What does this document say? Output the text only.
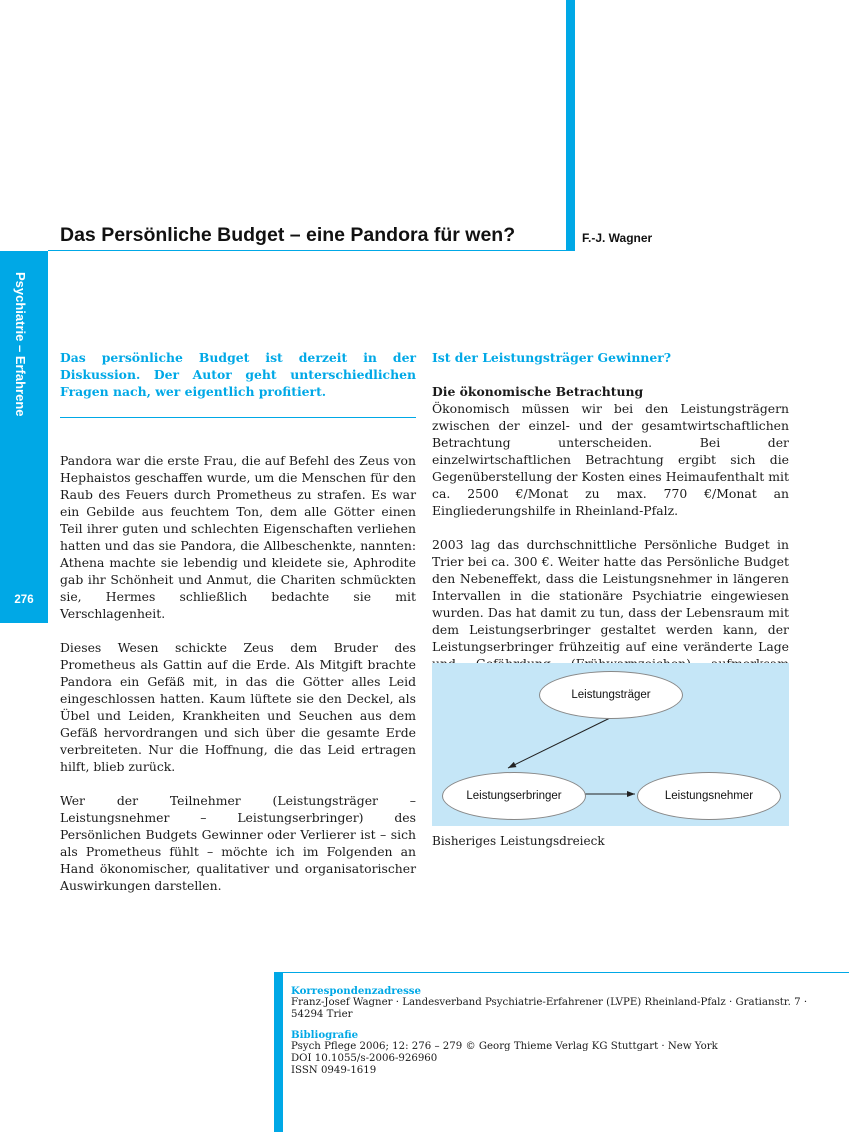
Das Persönliche Budget – eine Pandora für wen?	F.-J. Wagner
Psychiatrie – Erfahrene
276

Das persönliche Budget ist derzeit in der Diskussion. Der Autor geht unterschiedlichen Fragen nach, wer eigentlich profitiert.

Pandora war die erste Frau, die auf Befehl des Zeus von Hephaistos geschaffen wurde, um die Menschen für den Raub des Feuers durch Prometheus zu strafen. Es war ein Gebilde aus feuchtem Ton, dem alle Götter einen Teil ihrer guten und schlechten Eigenschaften verliehen hatten und das sie Pandora, die Allbeschenkte, nannten: Athena machte sie lebendig und kleidete sie, Aphrodite gab ihr Schönheit und Anmut, die Chariten schmückten sie, Hermes schließlich bedachte sie mit Verschlagenheit.

Dieses Wesen schickte Zeus dem Bruder des Prometheus als Gattin auf die Erde. Als Mitgift brachte Pandora ein Gefäß mit, in das die Götter alles Leid eingeschlossen hatten. Kaum lüftete sie den Deckel, als Übel und Leiden, Krankheiten und Seuchen aus dem Gefäß hervordrangen und sich über die gesamte Erde verbreiteten. Nur die Hoffnung, die das Leid ertragen hilft, blieb zurück.

Wer der Teilnehmer (Leistungsträger – Leistungsnehmer – Leistungserbringer) des Persönlichen Budgets Gewinner oder Verlierer ist – sich als Prometheus fühlt – möchte ich im Folgenden an Hand ökonomischer, qualitativer und organisatorischer Auswirkungen darstellen.

Ist der Leistungsträger Gewinner?

Die ökonomische Betrachtung

Ökonomisch müssen wir bei den Leistungsträgern zwischen der einzel- und der gesamtwirtschaftlichen Betrachtung unterscheiden. Bei der einzelwirtschaftlichen Betrachtung ergibt sich die Gegenüberstellung der Kosten eines Heimaufenthalt mit ca. 2500 €/Monat zu max. 770 €/Monat an Eingliederungshilfe in Rheinland-Pfalz.

2003 lag das durchschnittliche Persönliche Budget in Trier bei ca. 300 €. Weiter hatte das Persönliche Budget den Nebeneffekt, dass die Leistungsnehmer in längeren Intervallen in die stationäre Psychiatrie eingewiesen wurden. Das hat damit zu tun, dass der Lebensraum mit dem Leistungserbringer gestaltet werden kann, der Leistungserbringer frühzeitig auf eine veränderte Lage

Leistungsträger
Leistungserbringer	Leistungsnehmer
Bisheriges Leistungsdreieck
Korrespondenzadresse
Franz-Josef Wagner · Landesverband Psychiatrie-Erfahrener (LVPE) Rheinland-Pfalz · Gratianstr. 7 · 54294 Trier
Bibliografie
Psych Pflege 2006; 12: 276 – 279 © Georg Thieme Verlag KG Stuttgart · New York
DOI 10.1055/s-2006-926960
ISSN 0949-1619
